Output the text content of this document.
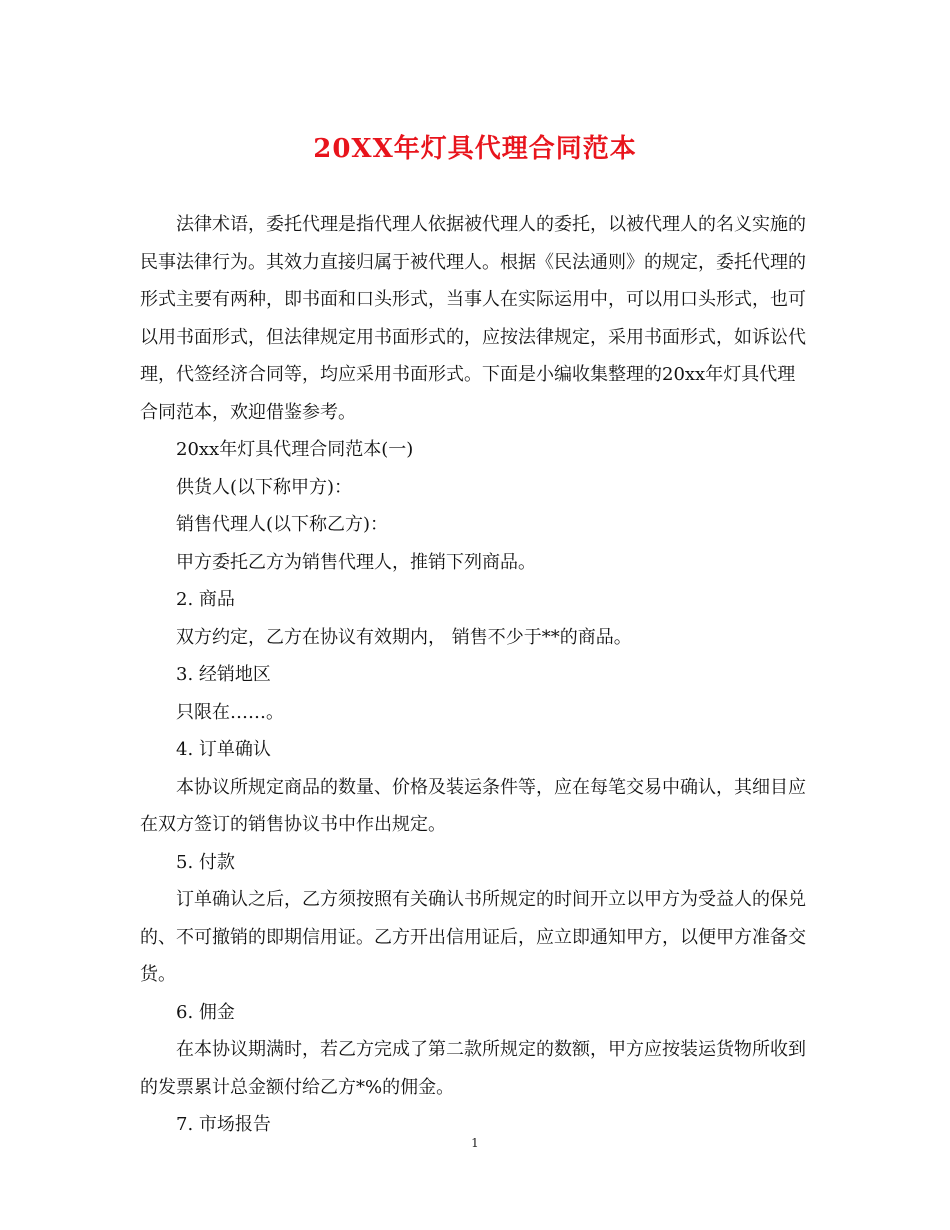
20XX年灯具代理合同范本

法律术语，委托代理是指代理人依据被代理人的委托，以被代理人的名义实施的民事法律行为。其效力直接归属于被代理人。根据《民法通则》的规定，委托代理的形式主要有两种，即书面和口头形式，当事人在实际运用中，可以用口头形式，也可以用书面形式，但法律规定用书面形式的，应按法律规定，采用书面形式，如诉讼代理，代签经济合同等，均应采用书面形式。下面是小编收集整理的20xx年灯具代理合同范本，欢迎借鉴参考。

20xx年灯具代理合同范本(一)

供货人(以下称甲方)：

销售代理人(以下称乙方)：

甲方委托乙方为销售代理人，推销下列商品。

2. 商品

双方约定，乙方在协议有效期内， 销售不少于**的商品。

3. 经销地区

只限在……。

4. 订单确认

本协议所规定商品的数量、价格及装运条件等，应在每笔交易中确认，其细目应在双方签订的销售协议书中作出规定。

5. 付款

订单确认之后，乙方须按照有关确认书所规定的时间开立以甲方为受益人的保兑的、不可撤销的即期信用证。乙方开出信用证后，应立即通知甲方，以便甲方准备交货。

6. 佣金

在本协议期满时，若乙方完成了第二款所规定的数额，甲方应按装运货物所收到的发票累计总金额付给乙方*%的佣金。

7. 市场报告

1
